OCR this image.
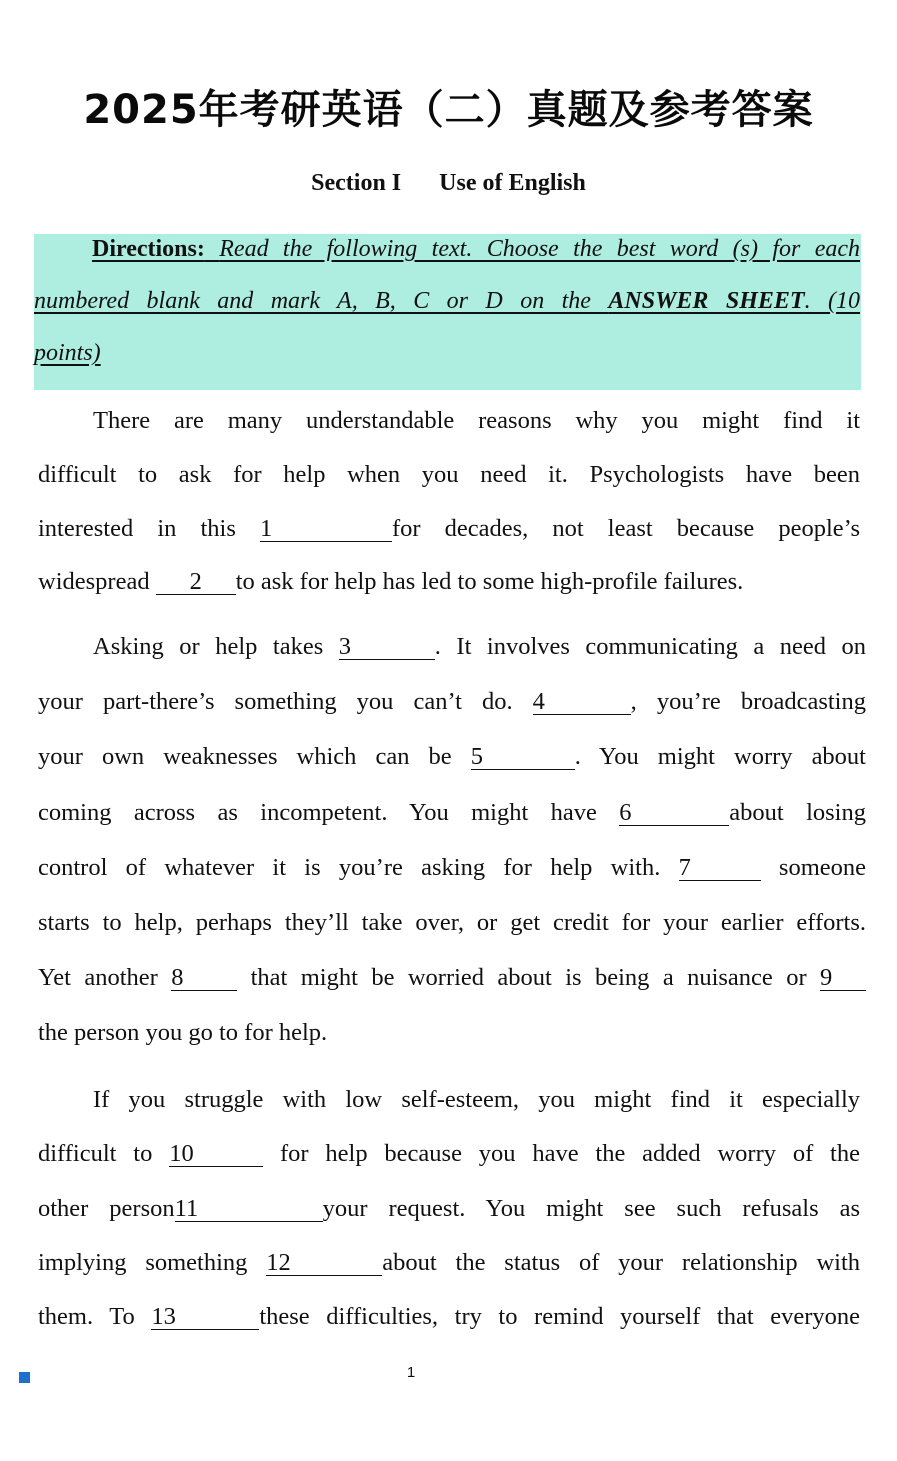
2025年考研英语（二）真题及参考答案
Section I Use of English
Directions: Read the following text. Choose the best word (s) for each
numbered blank and mark A, B, C or D on the ANSWER SHEET. (10
points)
There are many understandable reasons why you might find it
difficult to ask for help when you need it. Psychologists have been
interested in this 1	for decades, not least because people’s
widespread 2 to ask for help has led to some high-profile failures.
Asking or help takes 3	. It involves communicating a need on
your part-there’s something you can’t do. 4	, you’re broadcasting
your own weaknesses which can be 5	. You might worry about
coming across as incompetent. You might have 6	about losing
control of whatever it is you’re asking for help with. 7	someone
starts to help, perhaps they’ll take over, or get credit for your earlier efforts.
Yet another 8	that might be worried about is being a nuisance or 9
the person you go to for help.
If you struggle with low self-esteem, you might find it especially
difficult to 10	for help because you have the added worry of the
other person11	your request. You might see such refusals as
implying something 12	about the status of your relationship with
them. To 13	these difficulties, try to remind yourself that everyone
1
